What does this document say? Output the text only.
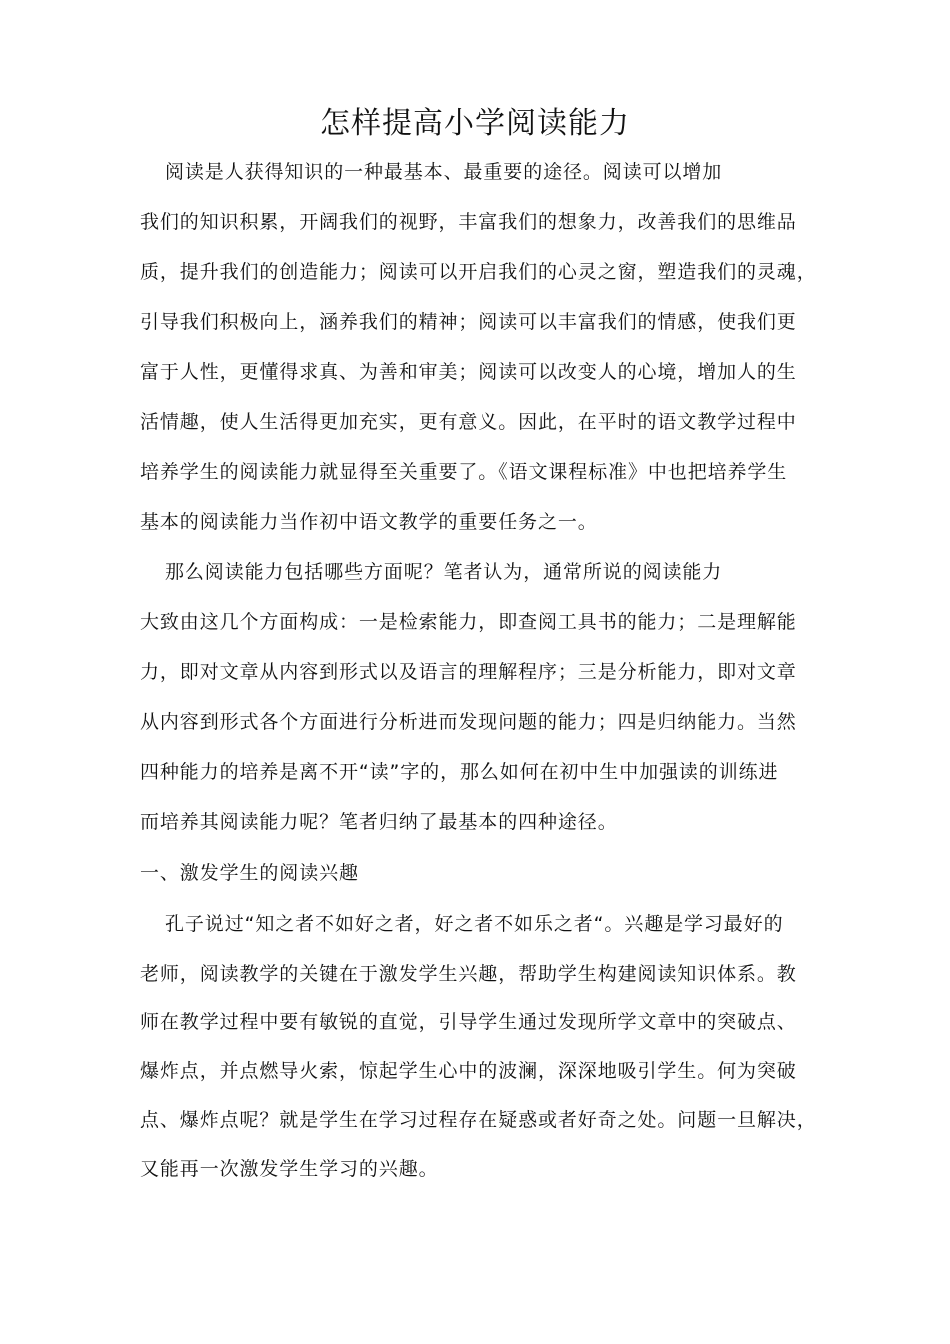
怎样提高小学阅读能力
阅读是人获得知识的一种最基本、最重要的途径。阅读可以增加
我们的知识积累，开阔我们的视野，丰富我们的想象力，改善我们的思维品
质，提升我们的创造能力；阅读可以开启我们的心灵之窗，塑造我们的灵魂，
引导我们积极向上，涵养我们的精神；阅读可以丰富我们的情感，使我们更
富于人性，更懂得求真、为善和审美；阅读可以改变人的心境，增加人的生
活情趣，使人生活得更加充实，更有意义。因此，在平时的语文教学过程中
培养学生的阅读能力就显得至关重要了。《语文课程标准》中也把培养学生
基本的阅读能力当作初中语文教学的重要任务之一。
那么阅读能力包括哪些方面呢？笔者认为，通常所说的阅读能力
大致由这几个方面构成：一是检索能力，即查阅工具书的能力；二是理解能
力，即对文章从内容到形式以及语言的理解程序；三是分析能力，即对文章
从内容到形式各个方面进行分析进而发现问题的能力；四是归纳能力。当然
四种能力的培养是离不开“读”字的，那么如何在初中生中加强读的训练进
而培养其阅读能力呢？笔者归纳了最基本的四种途径。
一、激发学生的阅读兴趣
孔子说过“知之者不如好之者，好之者不如乐之者“。兴趣是学习最好的
老师，阅读教学的关键在于激发学生兴趣，帮助学生构建阅读知识体系。教
师在教学过程中要有敏锐的直觉，引导学生通过发现所学文章中的突破点、
爆炸点，并点燃导火索，惊起学生心中的波澜，深深地吸引学生。何为突破
点、爆炸点呢？就是学生在学习过程存在疑惑或者好奇之处。问题一旦解决，
又能再一次激发学生学习的兴趣。
